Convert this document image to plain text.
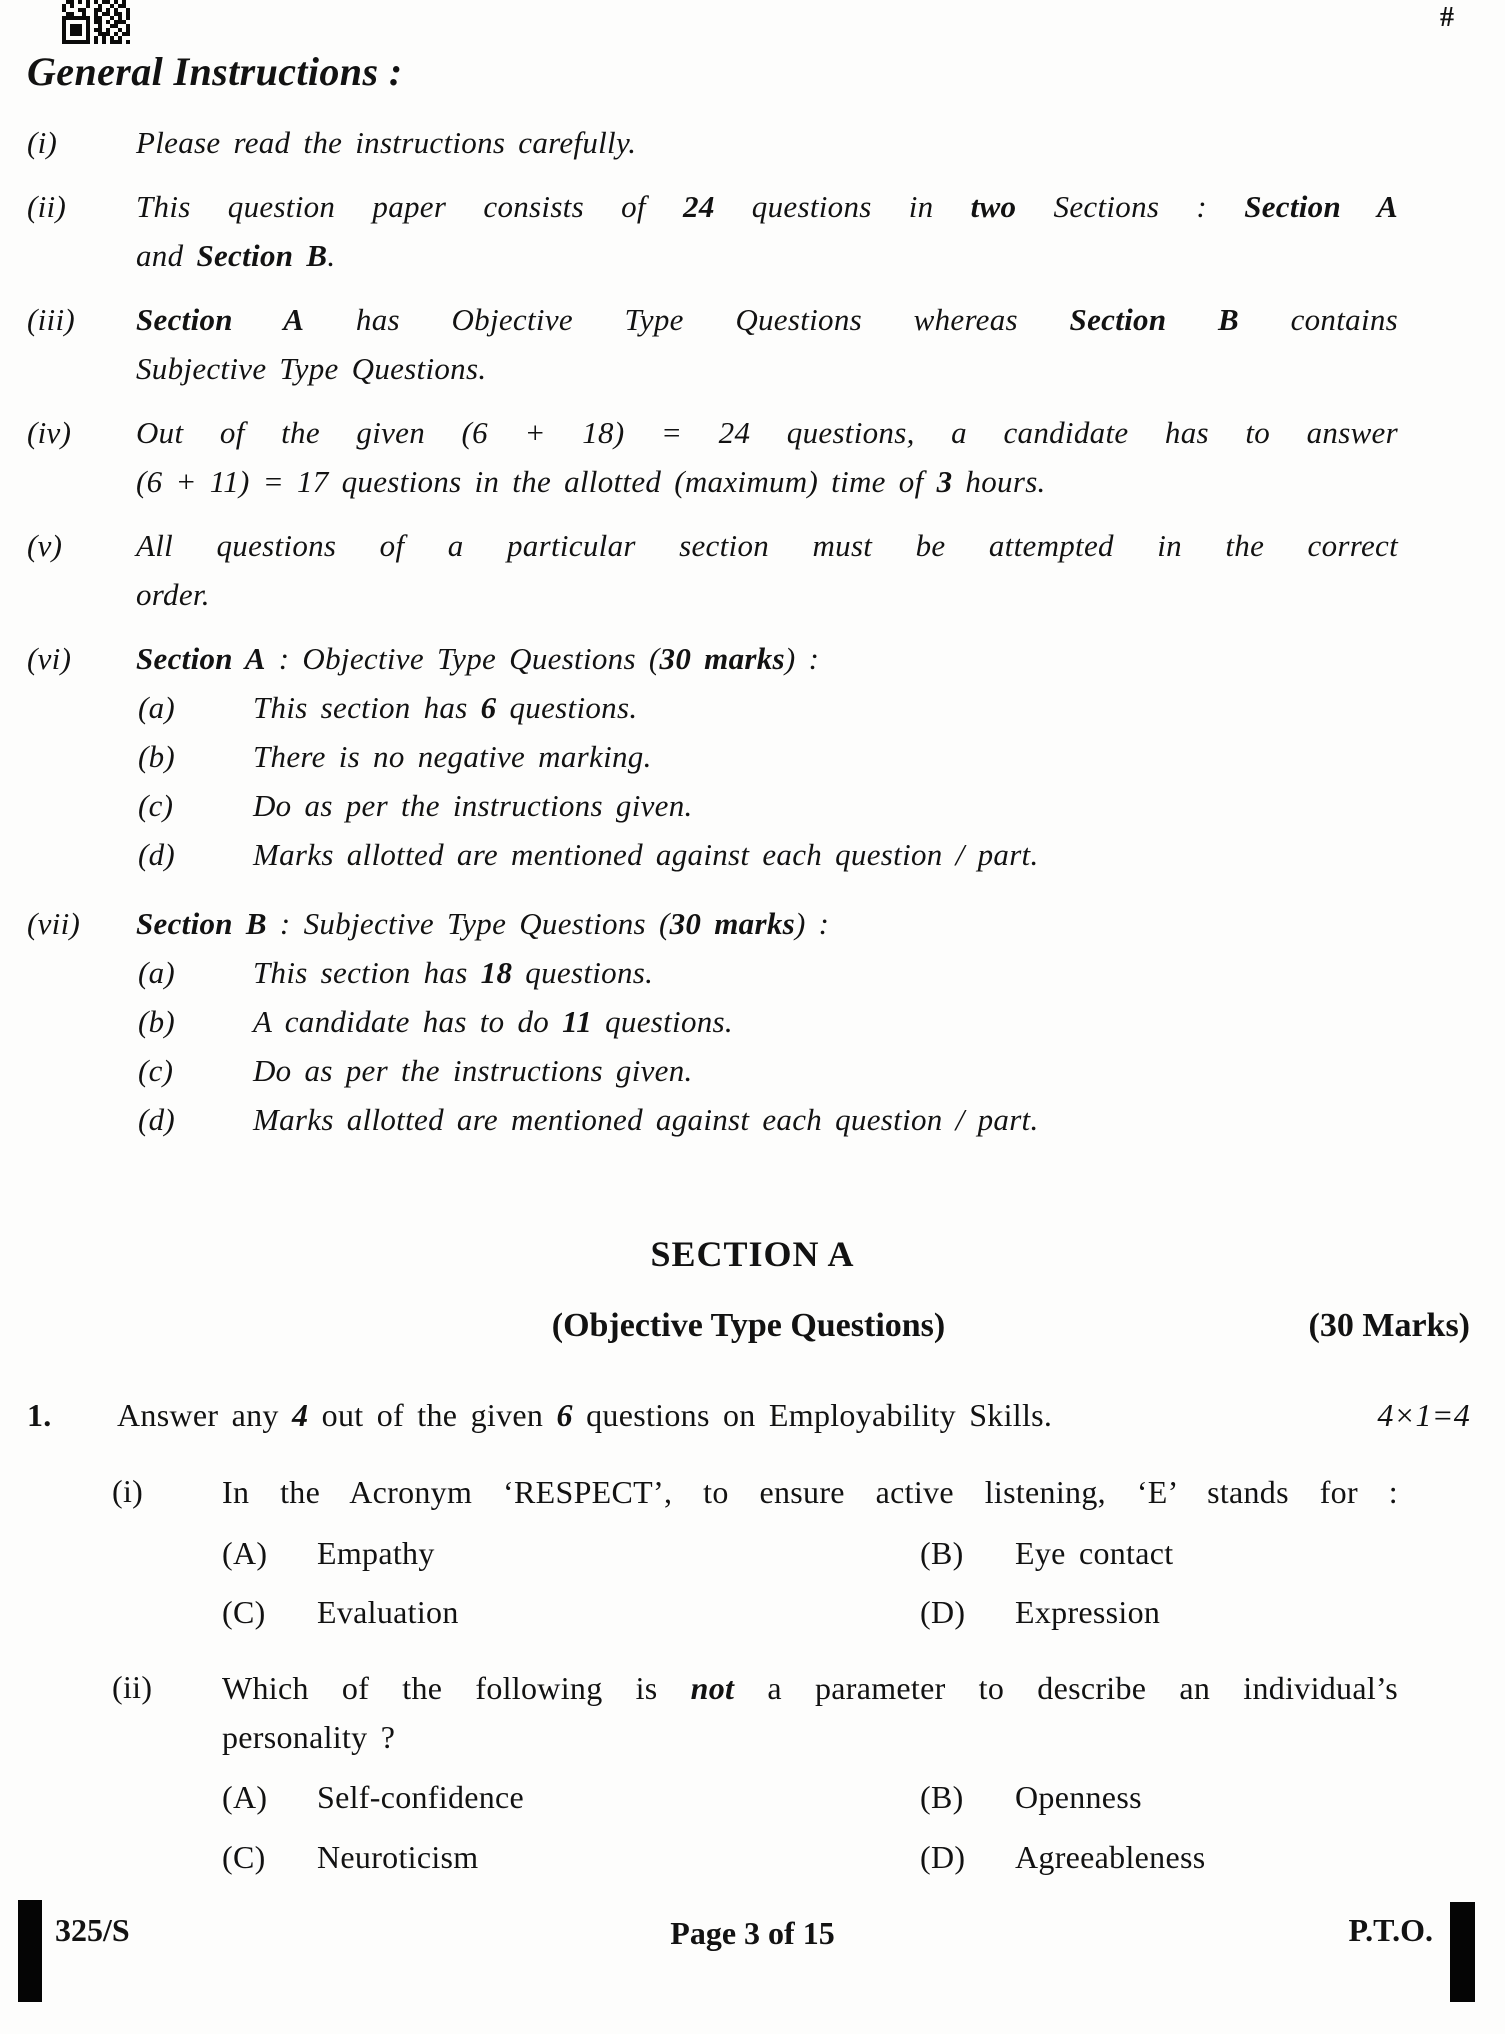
#
General Instructions :
(i)	Please read the instructions carefully.
(ii)	This question paper consists of 24 questions in two Sections : Section A
and Section B.
(iii)	Section A has Objective Type Questions whereas Section B contains
Subjective Type Questions.
(iv)	Out of the given (6 + 18) = 24 questions, a candidate has to answer
(6 + 11) = 17 questions in the allotted (maximum) time of 3 hours.
(v)	All questions of a particular section must be attempted in the correct
order.
(vi)	Section A : Objective Type Questions (30 marks) :
(a)	This section has 6 questions.
(b)	There is no negative marking.
(c)	Do as per the instructions given.
(d)	Marks allotted are mentioned against each question / part.
(vii)	Section B : Subjective Type Questions (30 marks) :
(a)	This section has 18 questions.
(b)	A candidate has to do 11 questions.
(c)	Do as per the instructions given.
(d)	Marks allotted are mentioned against each question / part.
SECTION A
(Objective Type Questions)	(30 Marks)
1.	Answer any 4 out of the given 6 questions on Employability Skills.	4×1=4
(i)	In the Acronym ‘RESPECT’, to ensure active listening, ‘E’ stands for :
(A)	Empathy	(B)	Eye contact
(C)	Evaluation	(D)	Expression
(ii)	Which of the following is not a parameter to describe an individual’s
personality ?
(A)	Self-confidence	(B)	Openness
(C)	Neuroticism	(D)	Agreeableness
Page 3 of 15
325/S	P.T.O.
